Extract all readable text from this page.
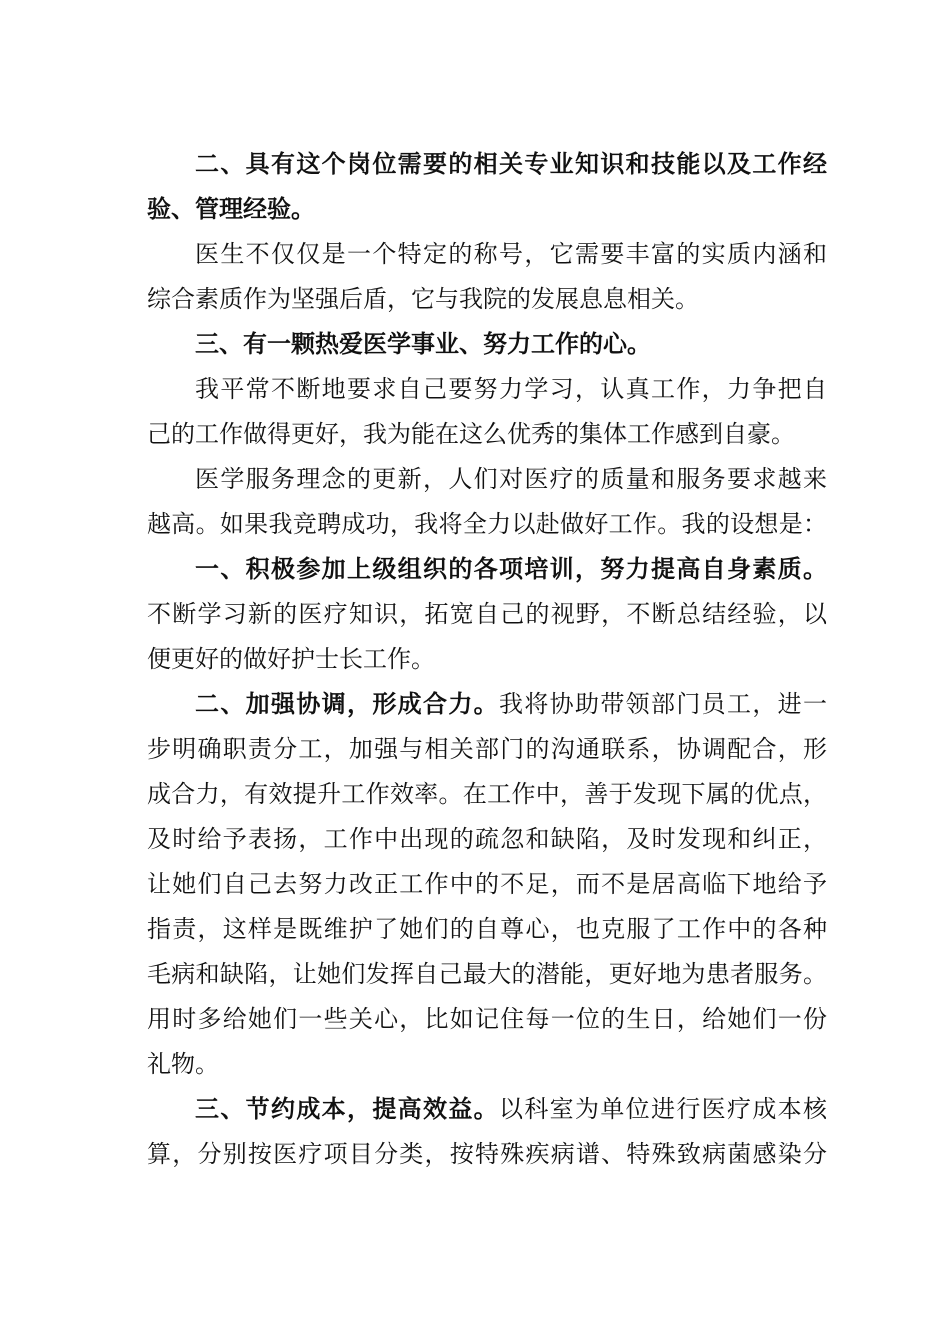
二、具有这个岗位需要的相关专业知识和技能以及工作经
验、管理经验。
医生不仅仅是一个特定的称号，它需要丰富的实质内涵和
综合素质作为坚强后盾，它与我院的发展息息相关。
三、有一颗热爱医学事业、努力工作的心。
我平常不断地要求自己要努力学习，认真工作，力争把自
己的工作做得更好，我为能在这么优秀的集体工作感到自豪。
医学服务理念的更新，人们对医疗的质量和服务要求越来
越高。如果我竞聘成功，我将全力以赴做好工作。我的设想是：
一、积极参加上级组织的各项培训，努力提高自身素质。
不断学习新的医疗知识，拓宽自己的视野，不断总结经验，以
便更好的做好护士长工作。
二、加强协调，形成合力。我将协助带领部门员工，进一
步明确职责分工，加强与相关部门的沟通联系，协调配合，形
成合力，有效提升工作效率。在工作中，善于发现下属的优点，
及时给予表扬，工作中出现的疏忽和缺陷，及时发现和纠正，
让她们自己去努力改正工作中的不足，而不是居高临下地给予
指责，这样是既维护了她们的自尊心，也克服了工作中的各种
毛病和缺陷，让她们发挥自己最大的潜能，更好地为患者服务。
用时多给她们一些关心，比如记住每一位的生日，给她们一份
礼物。
三、节约成本，提高效益。以科室为单位进行医疗成本核
算，分别按医疗项目分类，按特殊疾病谱、特殊致病菌感染分
